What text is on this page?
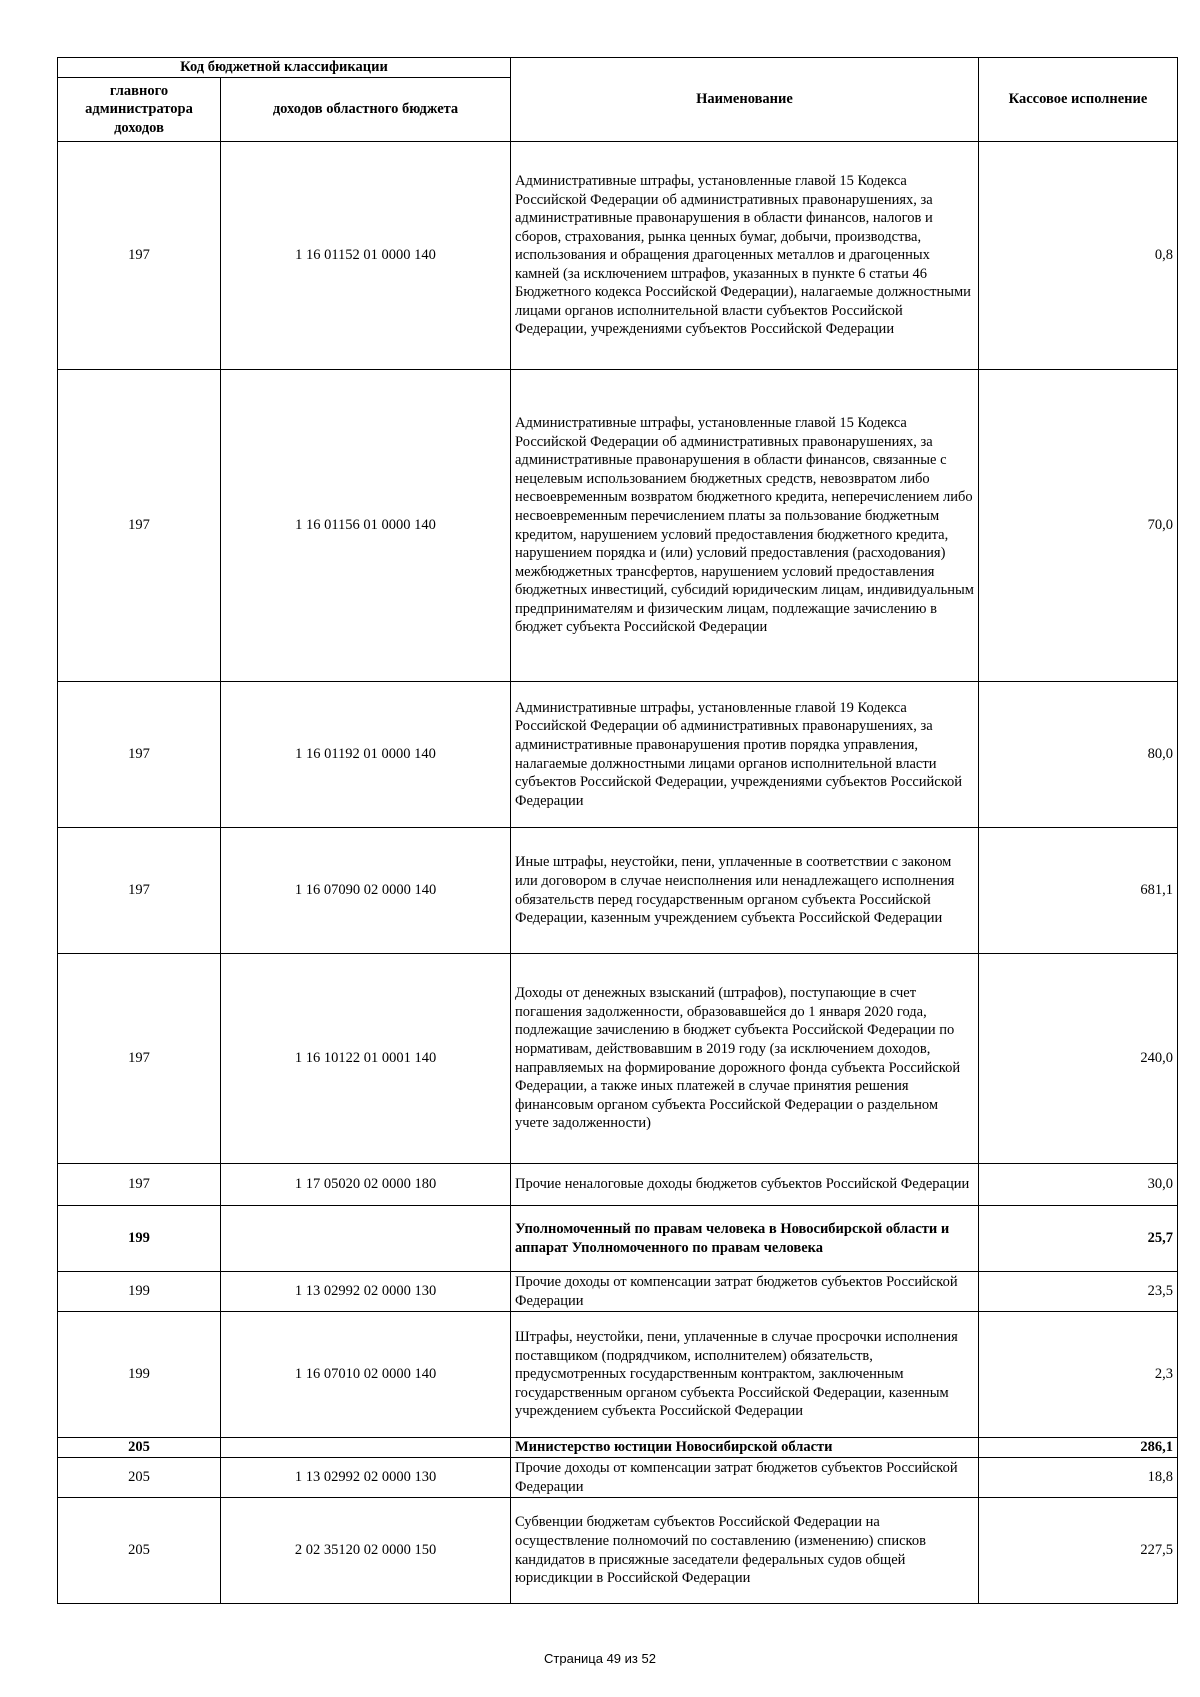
Код бюджетной классификации		Наименование	Кассовое исполнение
главного администратора доходов	доходов областного бюджета		
197	1 16 01152 01 0000 140	Административные штрафы, установленные главой 15 Кодекса Российской Федерации об административных правонарушениях, за административные правонарушения в области финансов, налогов и сборов, страхования, рынка ценных бумаг, добычи, производства, использования и обращения драгоценных металлов и драгоценных камней (за исключением штрафов, указанных в пункте 6 статьи 46 Бюджетного кодекса Российской Федерации), налагаемые должностными лицами органов исполнительной власти субъектов Российской Федерации, учреждениями субъектов Российской Федерации	0,8
197	1 16 01156 01 0000 140	Административные штрафы, установленные главой 15 Кодекса Российской Федерации об административных правонарушениях, за административные правонарушения в области финансов, связанные с нецелевым использованием бюджетных средств, невозвратом либо несвоевременным возвратом бюджетного кредита, неперечислением либо несвоевременным перечислением платы за пользование бюджетным кредитом, нарушением условий предоставления бюджетного кредита, нарушением порядка и (или) условий предоставления (расходования) межбюджетных трансфертов, нарушением условий предоставления бюджетных инвестиций, субсидий юридическим лицам, индивидуальным предпринимателям и физическим лицам, подлежащие зачислению в бюджет субъекта Российской Федерации	70,0
197	1 16 01192 01 0000 140	Административные штрафы, установленные главой 19 Кодекса Российской Федерации об административных правонарушениях, за административные правонарушения против порядка управления, налагаемые должностными лицами органов исполнительной власти субъектов Российской Федерации, учреждениями субъектов Российской Федерации	80,0
197	1 16 07090 02 0000 140	Иные штрафы, неустойки, пени, уплаченные в соответствии с законом или договором в случае неисполнения или ненадлежащего исполнения обязательств перед государственным органом субъекта Российской Федерации, казенным учреждением субъекта Российской Федерации	681,1
197	1 16 10122 01 0001 140	Доходы от денежных взысканий (штрафов), поступающие в счет погашения задолженности, образовавшейся до 1 января 2020 года, подлежащие зачислению в бюджет субъекта Российской Федерации по нормативам, действовавшим в 2019 году (за исключением доходов, направляемых на формирование дорожного фонда субъекта Российской Федерации, а также иных платежей в случае принятия решения финансовым органом субъекта Российской Федерации о раздельном учете задолженности)	240,0
197	1 17 05020 02 0000 180	Прочие неналоговые доходы бюджетов субъектов Российской Федерации	30,0
199		Уполномоченный по правам человека в Новосибирской области и аппарат Уполномоченного по правам человека	25,7
199	1 13 02992 02 0000 130	Прочие доходы от компенсации затрат бюджетов субъектов Российской Федерации	23,5
199	1 16 07010 02 0000 140	Штрафы, неустойки, пени, уплаченные в случае просрочки исполнения поставщиком (подрядчиком, исполнителем) обязательств, предусмотренных государственным контрактом, заключенным государственным органом субъекта Российской Федерации, казенным учреждением субъекта Российской Федерации	2,3
205		Министерство юстиции Новосибирской области	286,1
205	1 13 02992 02 0000 130	Прочие доходы от компенсации затрат бюджетов субъектов Российской Федерации	18,8
205	2 02 35120 02 0000 150	Субвенции бюджетам субъектов Российской Федерации на осуществление полномочий по составлению (изменению) списков кандидатов в присяжные заседатели федеральных судов общей юрисдикции в Российской Федерации	227,5
Страница 49 из 52
